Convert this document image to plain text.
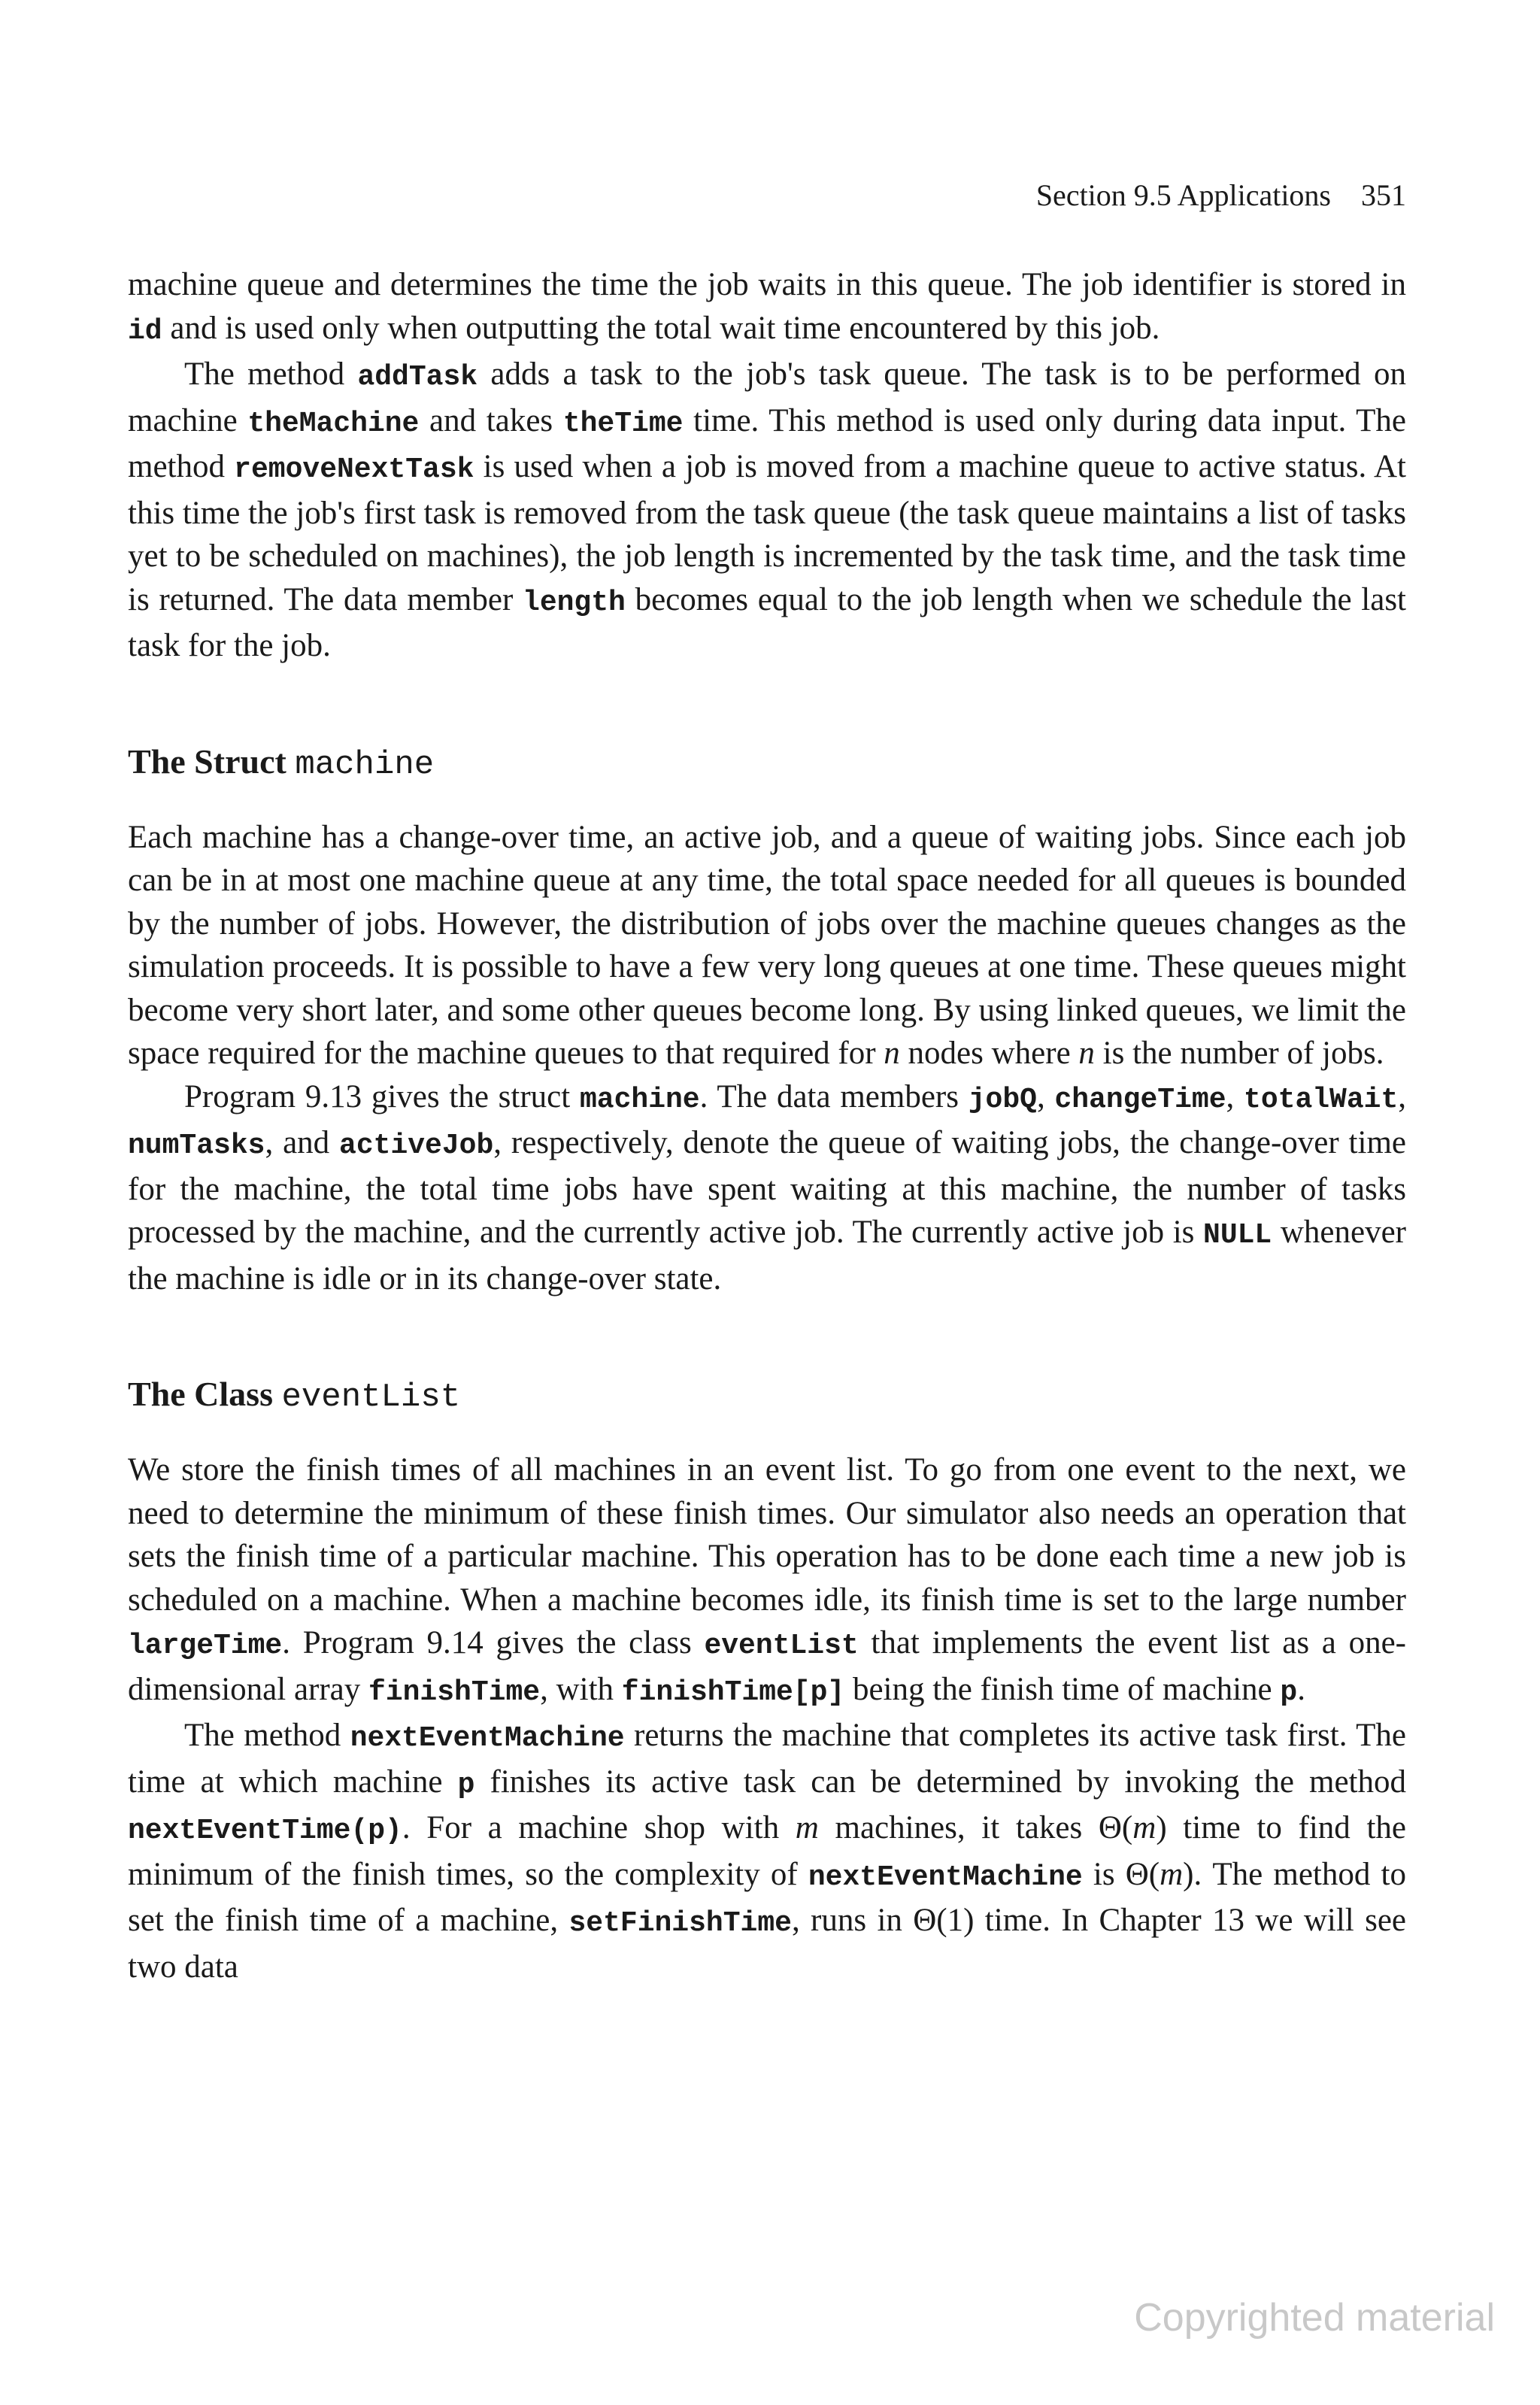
Section 9.5 Applications 351

machine queue and determines the time the job waits in this queue. The job identifier is stored in id and is used only when outputting the total wait time encountered by this job.

The method addTask adds a task to the job's task queue. The task is to be performed on machine theMachine and takes theTime time. This method is used only during data input. The method removeNextTask is used when a job is moved from a machine queue to active status. At this time the job's first task is removed from the task queue (the task queue maintains a list of tasks yet to be scheduled on machines), the job length is incremented by the task time, and the task time is returned. The data member length becomes equal to the job length when we schedule the last task for the job.

The Struct machine

Each machine has a change-over time, an active job, and a queue of waiting jobs. Since each job can be in at most one machine queue at any time, the total space needed for all queues is bounded by the number of jobs. However, the distribution of jobs over the machine queues changes as the simulation proceeds. It is possible to have a few very long queues at one time. These queues might become very short later, and some other queues become long. By using linked queues, we limit the space required for the machine queues to that required for n nodes where n is the number of jobs.

Program 9.13 gives the struct machine. The data members jobQ, changeTime, totalWait, numTasks, and activeJob, respectively, denote the queue of waiting jobs, the change-over time for the machine, the total time jobs have spent waiting at this machine, the number of tasks processed by the machine, and the currently active job. The currently active job is NULL whenever the machine is idle or in its change-over state.

The Class eventList

We store the finish times of all machines in an event list. To go from one event to the next, we need to determine the minimum of these finish times. Our simulator also needs an operation that sets the finish time of a particular machine. This operation has to be done each time a new job is scheduled on a machine. When a machine becomes idle, its finish time is set to the large number largeTime. Program 9.14 gives the class eventList that implements the event list as a one-dimensional array finishTime, with finishTime[p] being the finish time of machine p.

The method nextEventMachine returns the machine that completes its active task first. The time at which machine p finishes its active task can be determined by invoking the method nextEventTime(p). For a machine shop with m machines, it takes Θ(m) time to find the minimum of the finish times, so the complexity of nextEventMachine is Θ(m). The method to set the finish time of a machine, setFinishTime, runs in Θ(1) time. In Chapter 13 we will see two data

Copyrighted material
